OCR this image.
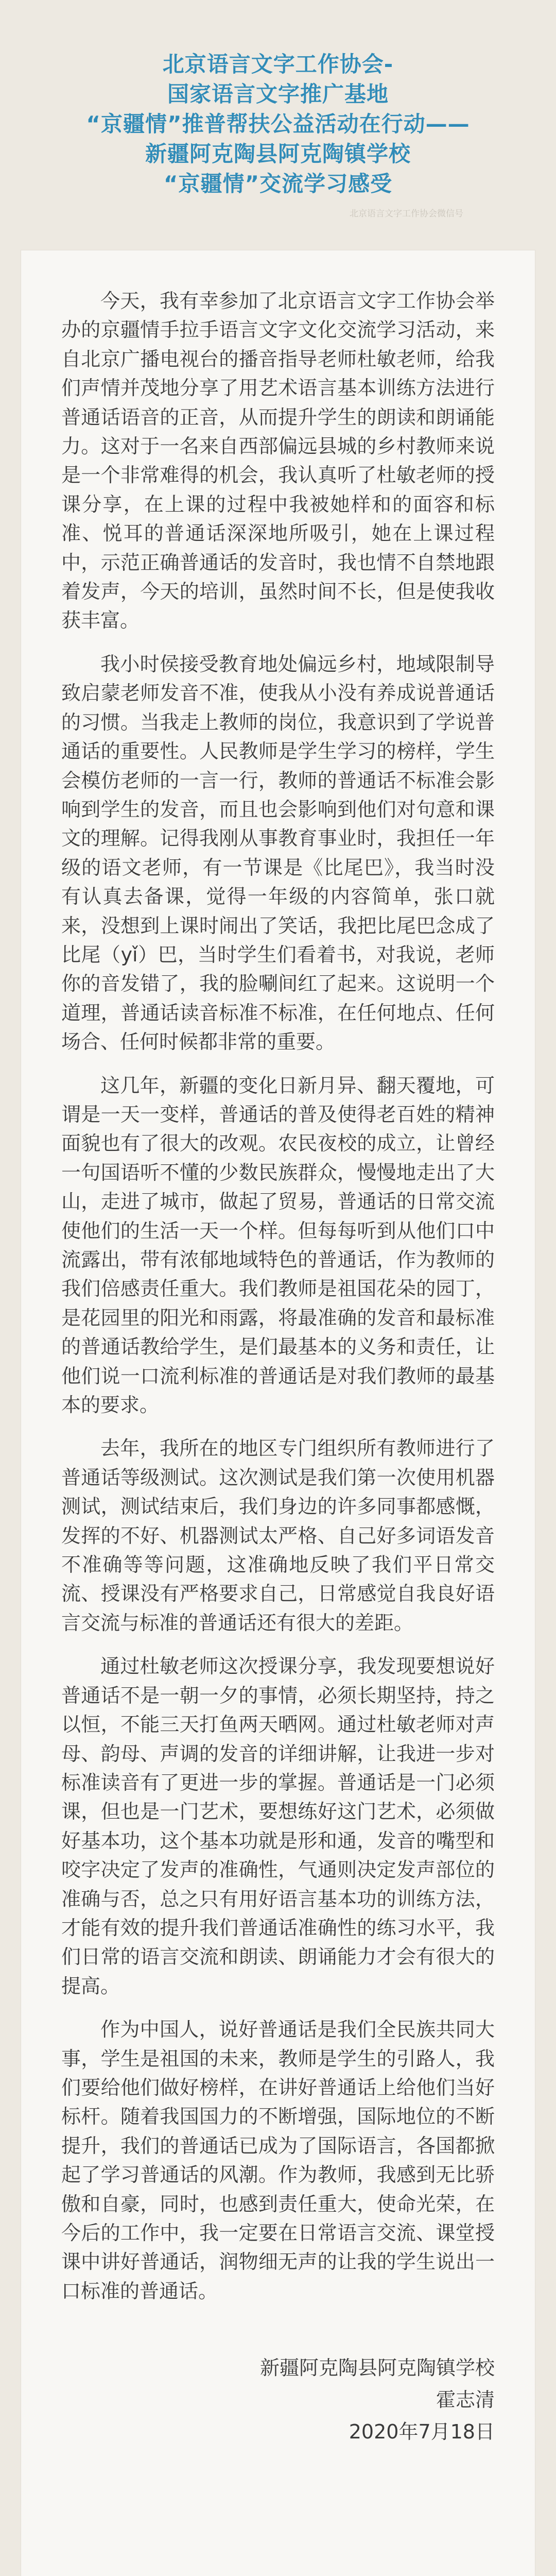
北京语言文字工作协会-
国家语言文字推广基地
“京疆情”推普帮扶公益活动在行动——
新疆阿克陶县阿克陶镇学校
“京疆情”交流学习感受
北京语言文字工作协会微信号

今天，我有幸参加了北京语言文字工作协会举办的京疆情手拉手语言文字文化交流学习活动，来自北京广播电视台的播音指导老师杜敏老师，给我们声情并茂地分享了用艺术语言基本训练方法进行普通话语音的正音，从而提升学生的朗读和朗诵能力。这对于一名来自西部偏远县城的乡村教师来说是一个非常难得的机会，我认真听了杜敏老师的授课分享，在上课的过程中我被她样和的面容和标准、悦耳的普通话深深地所吸引，她在上课过程中，示范正确普通话的发音时，我也情不自禁地跟着发声，今天的培训，虽然时间不长，但是使我收获丰富。

我小时侯接受教育地处偏远乡村，地域限制导致启蒙老师发音不准，使我从小没有养成说普通话的习惯。当我走上教师的岗位，我意识到了学说普通话的重要性。人民教师是学生学习的榜样，学生会模仿老师的一言一行，教师的普通话不标准会影响到学生的发音，而且也会影响到他们对句意和课文的理解。记得我刚从事教育事业时，我担任一年级的语文老师，有一节课是《比尾巴》，我当时没有认真去备课，觉得一年级的内容简单，张口就来，没想到上课时闹出了笑话，我把比尾巴念成了比尾（yǐ）巴，当时学生们看着书，对我说，老师你的音发错了，我的脸唰间红了起来。这说明一个道理，普通话读音标准不标准，在任何地点、任何场合、任何时候都非常的重要。

这几年，新疆的变化日新月异、翻天覆地，可谓是一天一变样，普通话的普及使得老百姓的精神面貌也有了很大的改观。农民夜校的成立，让曾经一句国语听不懂的少数民族群众，慢慢地走出了大山，走进了城市，做起了贸易，普通话的日常交流使他们的生活一天一个样。但每每听到从他们口中流露出，带有浓郁地域特色的普通话，作为教师的我们倍感责任重大。我们教师是祖国花朵的园丁，是花园里的阳光和雨露，将最准确的发音和最标准的普通话教给学生，是们最基本的义务和责任，让他们说一口流利标准的普通话是对我们教师的最基本的要求。

去年，我所在的地区专门组织所有教师进行了普通话等级测试。这次测试是我们第一次使用机器测试，测试结束后，我们身边的许多同事都感慨，发挥的不好、机器测试太严格、自己好多词语发音不准确等等问题，这准确地反映了我们平日常交流、授课没有严格要求自己，日常感觉自我良好语言交流与标准的普通话还有很大的差距。

通过杜敏老师这次授课分享，我发现要想说好普通话不是一朝一夕的事情，必须长期坚持，持之以恒，不能三天打鱼两天晒网。通过杜敏老师对声母、韵母、声调的发音的详细讲解，让我进一步对标准读音有了更进一步的掌握。普通话是一门必须课，但也是一门艺术，要想练好这门艺术，必须做好基本功，这个基本功就是形和通，发音的嘴型和咬字决定了发声的准确性，气通则决定发声部位的准确与否，总之只有用好语言基本功的训练方法，才能有效的提升我们普通话准确性的练习水平，我们日常的语言交流和朗读、朗诵能力才会有很大的提高。

作为中国人，说好普通话是我们全民族共同大事，学生是祖国的未来，教师是学生的引路人，我们要给他们做好榜样，在讲好普通话上给他们当好标杆。随着我国国力的不断增强，国际地位的不断提升，我们的普通话已成为了国际语言，各国都掀起了学习普通话的风潮。作为教师，我感到无比骄傲和自豪，同时，也感到责任重大，使命光荣，在今后的工作中，我一定要在日常语言交流、课堂授课中讲好普通话，润物细无声的让我的学生说出一口标准的普通话。

新疆阿克陶县阿克陶镇学校
霍志清
2020年7月18日
